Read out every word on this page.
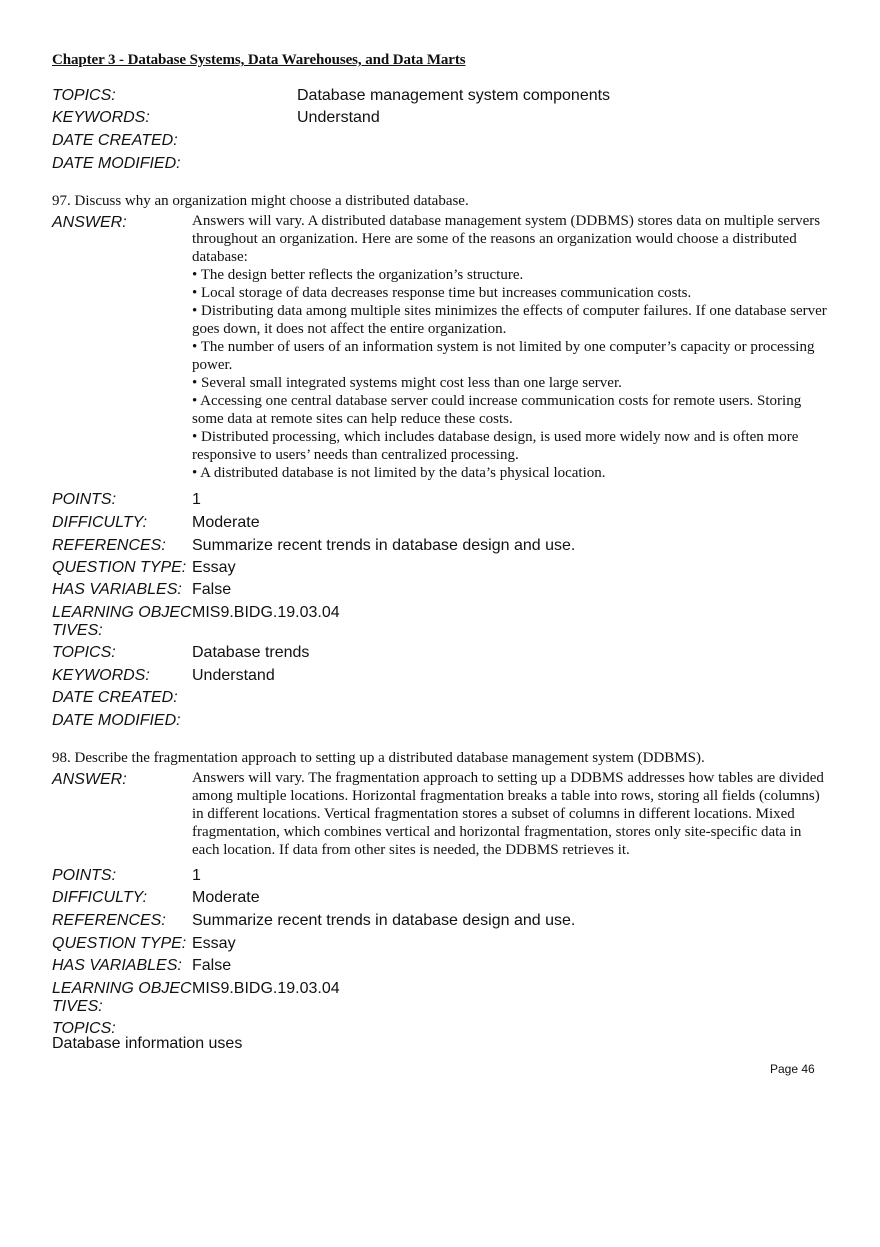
Chapter 3 - Database Systems, Data Warehouses, and Data Marts
TOPICS:	Database management system components
KEYWORDS:	Understand
DATE CREATED:
DATE MODIFIED:
97. Discuss why an organization might choose a distributed database.
ANSWER:	Answers will vary. A distributed database management system (DDBMS) stores data on multiple servers throughout an organization. Here are some of the reasons an organization would choose a distributed database:

• The design better reflects the organization’s structure.

• Local storage of data decreases response time but increases communication costs.

• Distributing data among multiple sites minimizes the effects of computer failures. If one database server goes down, it does not affect the entire organization.

• The number of users of an information system is not limited by one computer’s capacity or processing power.

• Several small integrated systems might cost less than one large server.

• Accessing one central database server could increase communication costs for remote users. Storing some data at remote sites can help reduce these costs.

• Distributed processing, which includes database design, is used more widely now and is often more responsive to users’ needs than centralized processing.

• A distributed database is not limited by the data’s physical location.

POINTS:	1
DIFFICULTY:	Moderate
REFERENCES: Summarize recent trends in database design and use.
QUESTION TYPE: Essay
HAS VARIABLES: False
LEARNING OBJEC
TIVES:
MIS9.BIDG.19.03.04
TOPICS:	Database trends
KEYWORDS:	Understand
DATE CREATED:
DATE MODIFIED:
98. Describe the fragmentation approach to setting up a distributed database management system (DDBMS).
ANSWER:	Answers will vary. The fragmentation approach to setting up a DDBMS addresses how tables are divided among multiple locations. Horizontal fragmentation breaks a table into rows, storing all fields (columns) in different locations. Vertical fragmentation stores a subset of columns in different locations. Mixed fragmentation, which combines vertical and horizontal fragmentation, stores only site-specific data in each location. If data from other sites is needed, the DDBMS retrieves it.

POINTS:	1
DIFFICULTY:	Moderate
REFERENCES: Summarize recent trends in database design and use.
QUESTION TYPE: Essay
HAS VARIABLES: False
LEARNING OBJEC
TIVES:
MIS9.BIDG.19.03.04
TOPICS:
Database information uses
Page 46
